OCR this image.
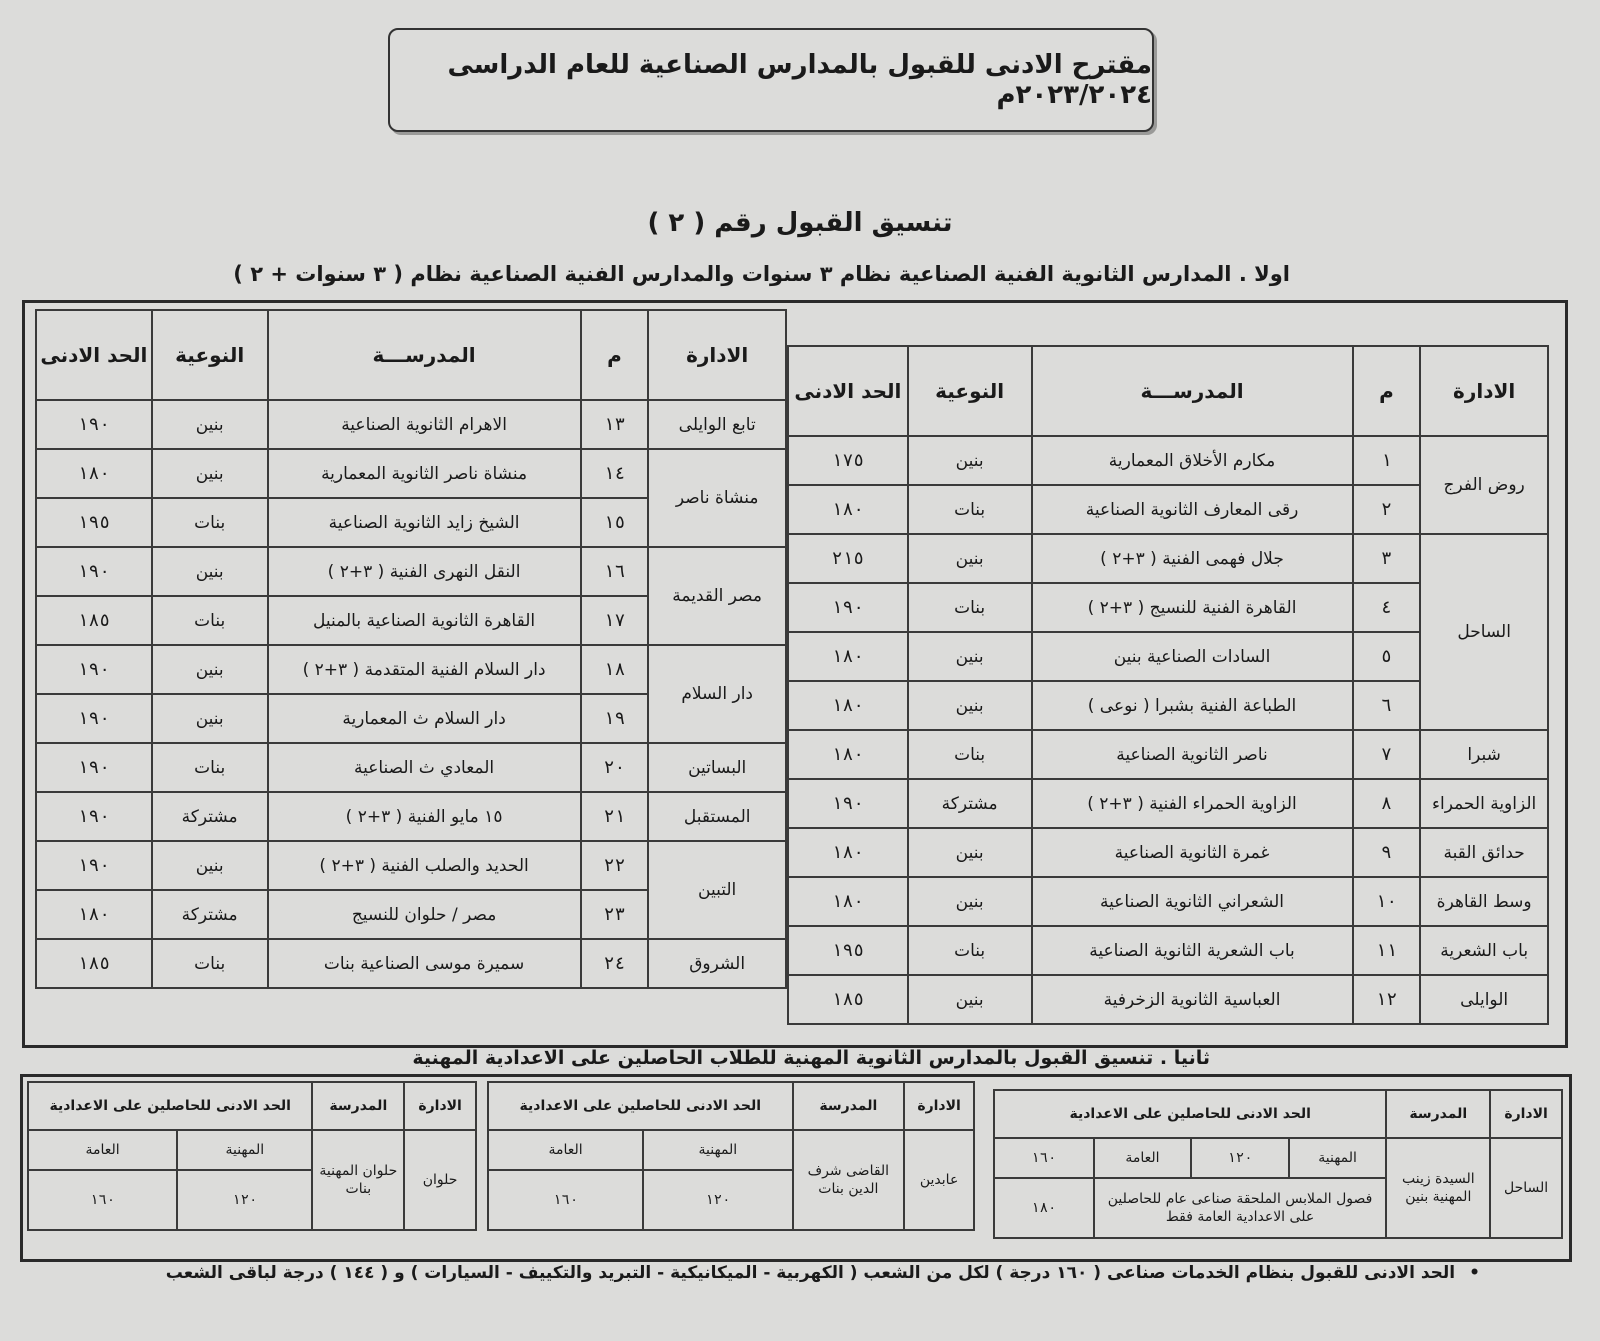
مقترح الادنى للقبول بالمدارس الصناعية للعام الدراسى ٢٠٢٣/٢٠٢٤م
تنسيق القبول رقم ( ٢ )
اولا . المدارس الثانوية الفنية الصناعية نظام ٣ سنوات والمدارس الفنية الصناعية نظام ( ٣ سنوات + ٢ )
الادارة	م	المدرســـة	النوعية	الحد الادنى
روض الفرج	١	مكارم الأخلاق المعمارية	بنين	١٧٥
	٢	رقى المعارف الثانوية الصناعية	بنات	١٨٠
الساحل	٣	جلال فهمى الفنية ( ٣+٢ )	بنين	٢١٥
	٤	القاهرة الفنية للنسيج ( ٣+٢ )	بنات	١٩٠
	٥	السادات الصناعية بنين	بنين	١٨٠
	٦	الطباعة الفنية بشبرا ( نوعى )	بنين	١٨٠
شبرا	٧	ناصر الثانوية الصناعية	بنات	١٨٠
الزاوية الحمراء	٨	الزاوية الحمراء الفنية ( ٣+٢ )	مشتركة	١٩٠
حدائق القبة	٩	غمرة الثانوية الصناعية	بنين	١٨٠
وسط القاهرة	١٠	الشعراني الثانوية الصناعية	بنين	١٨٠
باب الشعرية	١١	باب الشعرية الثانوية الصناعية	بنات	١٩٥
الوايلى	١٢	العباسية الثانوية الزخرفية	بنين	١٨٥
الادارة	م	المدرســـة	النوعية	الحد الادنى
تابع الوايلى	١٣	الاهرام الثانوية الصناعية	بنين	١٩٠
منشاة ناصر	١٤	منشاة ناصر الثانوية المعمارية	بنين	١٨٠
	١٥	الشيخ زايد الثانوية الصناعية	بنات	١٩٥
مصر القديمة	١٦	النقل النهرى الفنية ( ٣+٢ )	بنين	١٩٠
	١٧	القاهرة الثانوية الصناعية بالمنيل	بنات	١٨٥
دار السلام	١٨	دار السلام الفنية المتقدمة ( ٣+٢ )	بنين	١٩٠
	١٩	دار السلام ث المعمارية	بنين	١٩٠
البساتين	٢٠	المعادي ث الصناعية	بنات	١٩٠
المستقبل	٢١	١٥ مايو الفنية ( ٣+٢ )	مشتركة	١٩٠
التبين	٢٢	الحديد والصلب الفنية ( ٣+٢ )	بنين	١٩٠
	٢٣	مصر / حلوان للنسيج	مشتركة	١٨٠
الشروق	٢٤	سميرة موسى الصناعية بنات	بنات	١٨٥
ثانيا . تنسيق القبول بالمدارس الثانوية المهنية للطلاب الحاصلين على الاعدادية المهنية
الادارة	المدرسة	الحد الادنى للحاصلين على الاعدادية			
الساحل	السيدة زينب المهنية بنين	المهنية	١٢٠	العامة	١٦٠
		فصول الملابس الملحقة صناعى عام للحاصلين على الاعدادية العامة فقط			١٨٠
الادارة	المدرسة	الحد الادنى للحاصلين على الاعدادية	
عابدين	القاضى شرف الدين بنات	المهنية	العامة
		١٢٠	١٦٠
الادارة	المدرسة	الحد الادنى للحاصلين على الاعدادية	
حلوان	حلوان المهنية بنات	المهنية	العامة
		١٢٠	١٦٠
• الحد الادنى للقبول بنظام الخدمات صناعى ( ١٦٠ درجة ) لكل من الشعب ( الكهربية - الميكانيكية - التبريد والتكييف - السيارات ) و ( ١٤٤ ) درجة لباقى الشعب
